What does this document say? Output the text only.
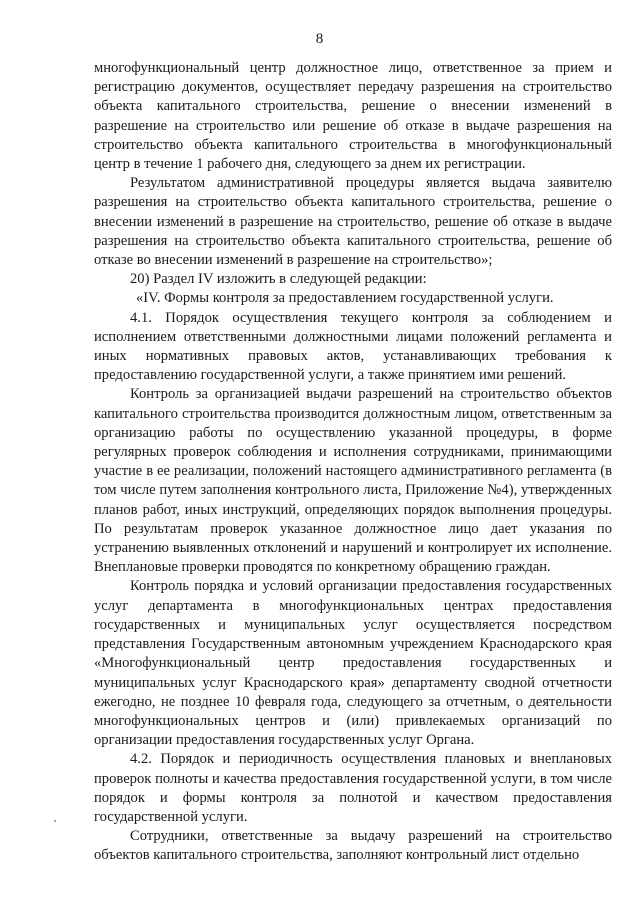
8

многофункциональный центр должностное лицо, ответственное за прием и регистрацию документов, осуществляет передачу разрешения на строительство объекта капитального строительства, решение о внесении изменений в разрешение на строительство или решение об отказе в выдаче разрешения на строительство объекта капитального строительства в многофункциональный центр в течение 1 рабочего дня, следующего за днем их регистрации.

Результатом административной процедуры является выдача заявителю разрешения на строительство объекта капитального строительства, решение о внесении изменений в разрешение на строительство, решение об отказе в выдаче разрешения на строительство объекта капитального строительства, решение об отказе во внесении изменений в разрешение на строительство»;

20) Раздел IV изложить в следующей редакции:

«IV. Формы контроля за предоставлением государственной услуги.

4.1. Порядок осуществления текущего контроля за соблюдением и исполнением ответственными должностными лицами положений регламента и иных нормативных правовых актов, устанавливающих требования к предоставлению государственной услуги, а также принятием ими решений.

Контроль за организацией выдачи разрешений на строительство объектов капитального строительства производится должностным лицом, ответственным за организацию работы по осуществлению указанной процедуры, в форме регулярных проверок соблюдения и исполнения сотрудниками, принимающими участие в ее реализации, положений настоящего административного регламента (в том числе путем заполнения контрольного листа, Приложение №4), утвержденных планов работ, иных инструкций, определяющих порядок выполнения процедуры. По результатам проверок указанное должностное лицо дает указания по устранению выявленных отклонений и нарушений и контролирует их исполнение. Внеплановые проверки проводятся по конкретному обращению граждан.

Контроль порядка и условий организации предоставления государственных услуг департамента в многофункциональных центрах предоставления государственных и муниципальных услуг осуществляется посредством представления Государственным автономным учреждением Краснодарского края «Многофункциональный центр предоставления государственных и муниципальных услуг Краснодарского края» департаменту сводной отчетности ежегодно, не позднее 10 февраля года, следующего за отчетным, о деятельности многофункциональных центров и (или) привлекаемых организаций по организации предоставления государственных услуг Органа.

4.2. Порядок и периодичность осуществления плановых и внеплановых проверок полноты и качества предоставления государственной услуги, в том числе порядок и формы контроля за полнотой и качеством предоставления государственной услуги.

Сотрудники, ответственные за выдачу разрешений на строительство объектов капитального строительства, заполняют контрольный лист отдельно
